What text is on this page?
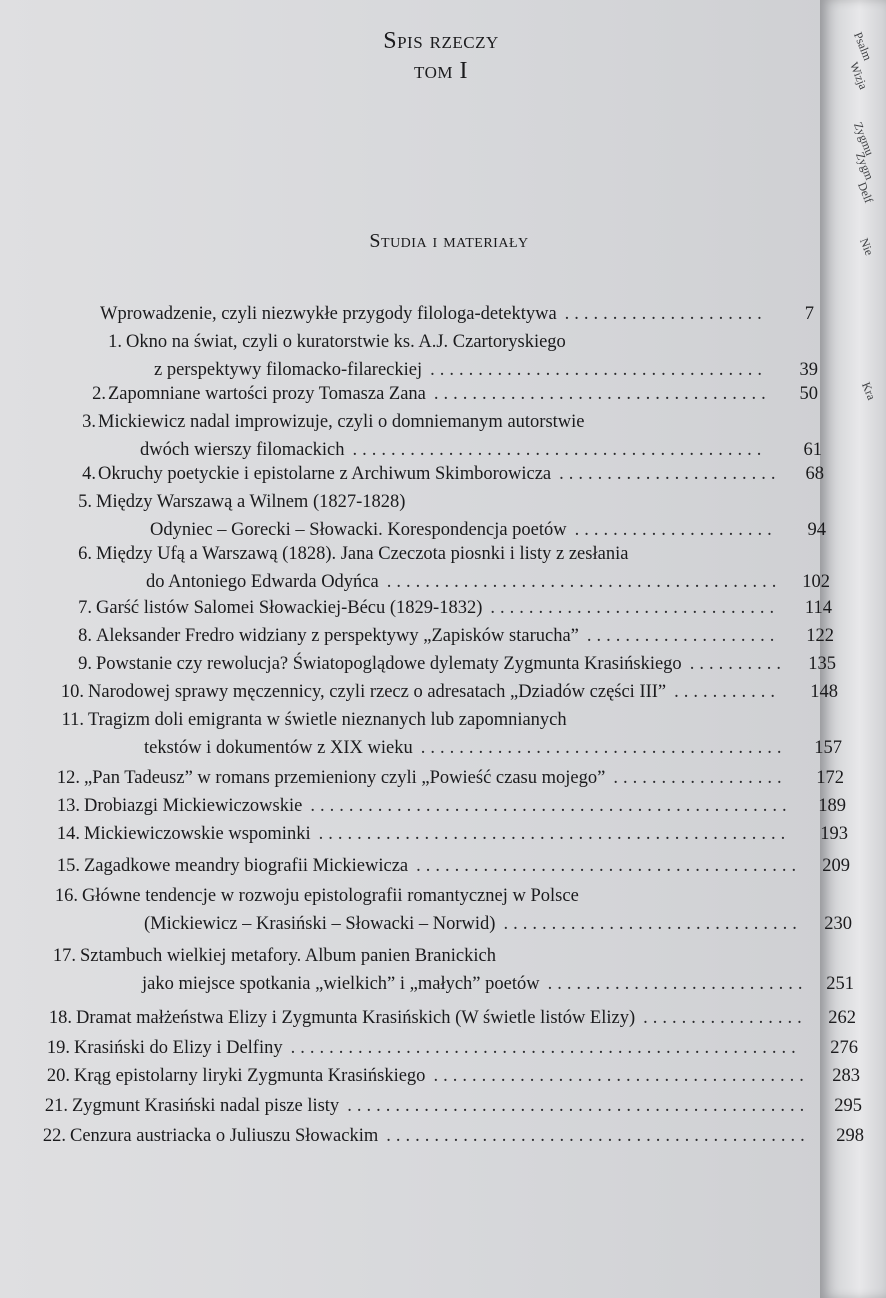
Psalm
Wizja
Zygmu
Zygm
Delf
Nie
Kra
Spis rzeczy
tom I
Studia i materiały
Wprowadzenie, czyli niezwykłe przygody filologa-detektywa .....................	7
1. Okno na świat, czyli o kuratorstwie ks. A.J. Czartoryskiego
z perspektywy filomacko-filareckiej ...................................	39
2. Zapomniane wartości prozy Tomasza Zana ...................................	50
3. Mickiewicz nadal improwizuje, czyli o domniemanym autorstwie
dwóch wierszy filomackich ...........................................	61
4. Okruchy poetyckie i epistolarne z Archiwum Skimborowicza .......................	68
5. Między Warszawą a Wilnem (1827-1828)
Odyniec – Gorecki – Słowacki. Korespondencja poetów .....................	94
6. Między Ufą a Warszawą (1828). Jana Czeczota piosnki i listy z zesłania
do Antoniego Edwarda Odyńca .........................................	102
7. Garść listów Salomei Słowackiej-Bécu (1829-1832) ..............................	114
8. Aleksander Fredro widziany z perspektywy „Zapisków starucha” ....................	122
9. Powstanie czy rewolucja? Światopoglądowe dylematy Zygmunta Krasińskiego ..........	135
10. Narodowej sprawy męczennicy, czyli rzecz o adresatach „Dziadów części III” ...........	148
11. Tragizm doli emigranta w świetle nieznanych lub zapomnianych
tekstów i dokumentów z XIX wieku ......................................	157
12. „Pan Tadeusz” w romans przemieniony czyli „Powieść czasu mojego” ..................	172
13. Drobiazgi Mickiewiczowskie ..................................................	189
14. Mickiewiczowskie wspominki .................................................	193
15. Zagadkowe meandry biografii Mickiewicza ........................................	209
16. Główne tendencje w rozwoju epistolografii romantycznej w Polsce
(Mickiewicz – Krasiński – Słowacki – Norwid) ...............................	230
17. Sztambuch wielkiej metafory. Album panien Branickich
jako miejsce spotkania „wielkich” i „małych” poetów ...........................	251
18. Dramat małżeństwa Elizy i Zygmunta Krasińskich (W świetle listów Elizy) .................	262
19. Krasiński do Elizy i Delfiny .....................................................	276
20. Krąg epistolarny liryki Zygmunta Krasińskiego .......................................	283
21. Zygmunt Krasiński nadal pisze listy ................................................	295
22. Cenzura austriacka o Juliuszu Słowackim ............................................	298
